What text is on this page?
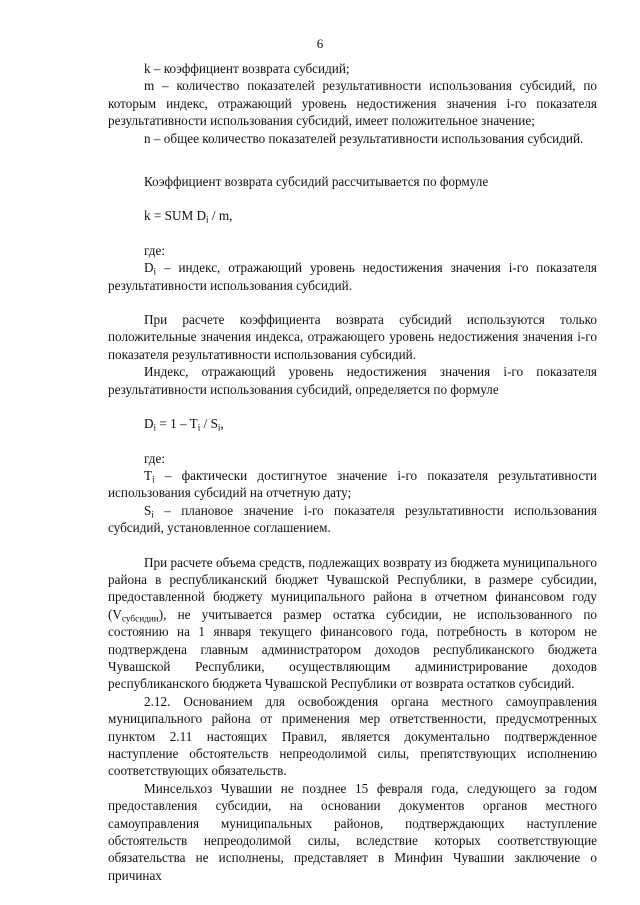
6

k – коэффициент возврата субсидий;

m – количество показателей результативности использования субсидий, по которым индекс, отражающий уровень недостижения значения i-го показателя результативности использования субсидий, имеет положительное значение;

n – общее количество показателей результативности использования субсидий.

Коэффициент возврата субсидий рассчитывается по формуле

k = SUM $D_i$ / m,

где:

$D_i$ – индекс, отражающий уровень недостижения значения i-го показателя результативности использования субсидий.

При расчете коэффициента возврата субсидий используются только положительные значения индекса, отражающего уровень недостижения значения i-го показателя результативности использования субсидий.

Индекс, отражающий уровень недостижения значения i-го показателя результативности использования субсидий, определяется по формуле

$D_i = 1 - T_i / S_i$,

где:

$T_i$ – фактически достигнутое значение i-го показателя результативности использования субсидий на отчетную дату;

$S_i$ – плановое значение i-го показателя результативности использования субсидий, установленное соглашением.

При расчете объема средств, подлежащих возврату из бюджета муниципального района в республиканский бюджет Чувашской Республики, в размере субсидии, предоставленной бюджету муниципального района в отчетном финансовом году $(V_{субсидии})$, не учитывается размер остатка субсидии, не использованного по состоянию на 1 января текущего финансового года, потребность в котором не подтверждена главным администратором доходов республиканского бюджета Чувашской Республики, осуществляющим администрирование доходов республиканского бюджета Чувашской Республики от возврата остатков субсидий.

2.12. Основанием для освобождения органа местного самоуправления муниципального района от применения мер ответственности, предусмотренных пунктом 2.11 настоящих Правил, является документально подтвержденное наступление обстоятельств непреодолимой силы, препятствующих исполнению соответствующих обязательств.

Минсельхоз Чувашии не позднее 15 февраля года, следующего за годом предоставления субсидии, на основании документов органов местного самоуправления муниципальных районов, подтверждающих наступление обстоятельств непреодолимой силы, вследствие которых соответствующие обязательства не исполнены, представляет в Минфин Чувашии заключение о причинах
